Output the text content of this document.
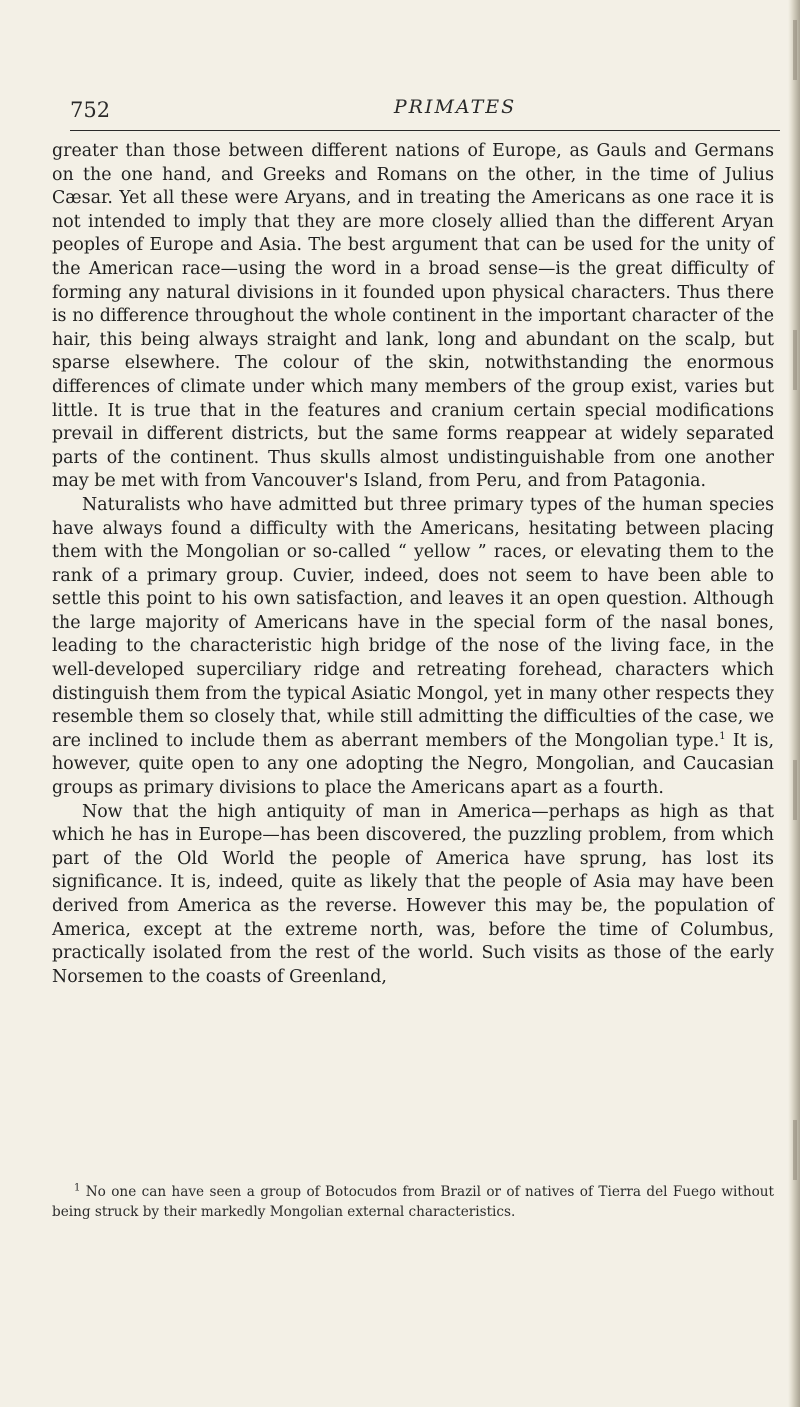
752	PRIMATES

greater than those between different nations of Europe, as Gauls and Germans on the one hand, and Greeks and Romans on the other, in the time of Julius Cæsar. Yet all these were Aryans, and in treating the Americans as one race it is not intended to imply that they are more closely allied than the different Aryan peoples of Europe and Asia. The best argument that can be used for the unity of the American race—using the word in a broad sense—is the great difficulty of forming any natural divisions in it founded upon physical characters. Thus there is no difference throughout the whole continent in the important character of the hair, this being always straight and lank, long and abundant on the scalp, but sparse elsewhere. The colour of the skin, notwithstanding the enormous differences of climate under which many members of the group exist, varies but little. It is true that in the features and cranium certain special modifications prevail in different districts, but the same forms reappear at widely separated parts of the continent. Thus skulls almost undistinguishable from one another may be met with from Vancouver's Island, from Peru, and from Patagonia.

Naturalists who have admitted but three primary types of the human species have always found a difficulty with the Americans, hesitating between placing them with the Mongolian or so-called “ yellow ” races, or elevating them to the rank of a primary group. Cuvier, indeed, does not seem to have been able to settle this point to his own satisfaction, and leaves it an open question. Although the large majority of Americans have in the special form of the nasal bones, leading to the characteristic high bridge of the nose of the living face, in the well-developed superciliary ridge and retreating forehead, characters which distinguish them from the typical Asiatic Mongol, yet in many other respects they resemble them so closely that, while still admitting the difficulties of the case, we are inclined to include them as aberrant members of the Mongolian type.$^1$ It is, however, quite open to any one adopting the Negro, Mongolian, and Caucasian groups as primary divisions to place the Americans apart as a fourth.

Now that the high antiquity of man in America—perhaps as high as that which he has in Europe—has been discovered, the puzzling problem, from which part of the Old World the people of America have sprung, has lost its significance. It is, indeed, quite as likely that the people of Asia may have been derived from America as the reverse. However this may be, the population of America, except at the extreme north, was, before the time of Columbus, practically isolated from the rest of the world. Such visits as those of the early Norsemen to the coasts of Greenland,

$^1$ No one can have seen a group of Botocudos from Brazil or of natives of Tierra del Fuego without being struck by their markedly Mongolian external characteristics.
